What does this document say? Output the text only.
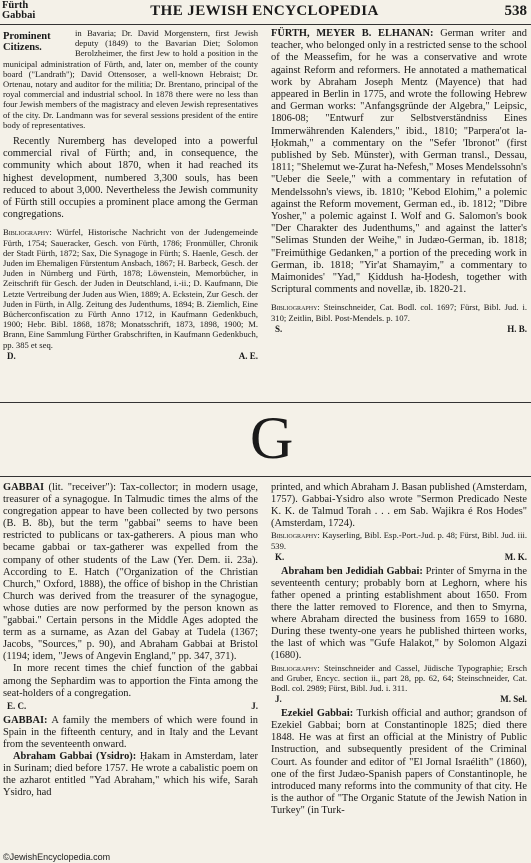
Fürth
Gabbai	THE JEWISH ENCYCLOPEDIA	538
Prominent Citizens.
in Bavaria; Dr. David Morgenstern, first Jewish deputy (1849) to the Bavarian Diet; Solomon Berolzheimer, the first Jew to hold a position in the municipal administration of Fürth, and, later on, member of the county board ("Landrath"); David Ottensoser, a well-known Hebraist; Dr. Ortenau, notary and auditor for the militia; Dr. Brentano, principal of the royal commercial and industrial school. In 1878 there were no less than four Jewish members of the magistracy and eleven Jewish representatives of the city. Dr. Landmann was for several sessions president of the entire body of representatives.

Recently Nuremberg has developed into a powerful commercial rival of Fürth; and, in consequence, the community which about 1870, when it had reached its highest development, numbered 3,300 souls, has been reduced to about 3,000. Nevertheless the Jewish community of Fürth still occupies a prominent place among the German congregations.

Bibliography: Würfel, Historische Nachricht von der Judengemeinde Fürth, 1754; Saueracker, Gesch. von Fürth, 1786; Fronmüller, Chronik der Stadt Fürth, 1872; Sax, Die Synagoge in Fürth; S. Haenle, Gesch. der Juden im Ehemaligen Fürstentum Ansbach, 1867; H. Barbeck, Gesch. der Juden in Nürnberg und Fürth, 1878; Löwenstein, Memorbücher, in Zeitschrift für Gesch. der Juden in Deutschland, i.-ii.; D. Kaufmann, Die Letzte Vertreibung der Juden aus Wien, 1889; A. Eckstein, Zur Gesch. der Juden in Fürth, in Allg. Zeitung des Judenthums, 1894; B. Ziemlich, Eine Bücherconfiscation zu Fürth Anno 1712, in Kaufmann Gedenkbuch, 1900; Hebr. Bibl. 1868, 1878; Monatsschrift, 1873, 1898, 1900; M. Brann, Eine Sammlung Fürther Grabschriften, in Kaufmann Gedenkbuch, pp. 385 et seq.

D.	A. E.

FÜRTH, MEYER B. ELHANAN: German writer and teacher, who belonged only in a restricted sense to the school of the Meassefim, for he was a conservative and wrote against Reform and reformers. He annotated a mathematical work by Abraham Joseph Mentz (Mayence) that had appeared in Berlin in 1775, and wrote the following Hebrew and German works: "Anfangsgründe der Algebra," Leipsic, 1806-08; "Entwurf zur Selbstverständniss Eines Immerwährenden Kalenders," ibid., 1810; "Parpera'ot la-Ḥokmah," a commentary on the "Sefer 'Ibronot" (first published by Seb. Münster), with German transl., Dessau, 1811; "Shelemut we-Ẓurat ha-Nefesh," Moses Mendelssohn's "Ueber die Seele," with a commentary in refutation of Mendelssohn's views, ib. 1810; "Kebod Elohim," a polemic against the Reform movement, German ed., ib. 1812; "Dibre Yosher," a polemic against I. Wolf and G. Salomon's book "Der Charakter des Judenthums," and against the latter's "Selimas Stunden der Weihe," in Judæo-German, ib. 1818; "Freimüthige Gedanken," a portion of the preceding work in German, ib. 1818; "Yir'at Shamayim," a commentary to Maimonides' "Yad," Ḳiddush ha-Ḥodesh, together with Scriptural comments and novellæ, ib. 1820-21.

Bibliography: Steinschneider, Cat. Bodl. col. 1697; Fürst, Bibl. Jud. i. 310; Zeitlin, Bibl. Post-Mendels. p. 107.

S.	H. B.
G

GABBAI (lit. "receiver"): Tax-collector; in modern usage, treasurer of a synagogue. In Talmudic times the alms of the congregation appear to have been collected by two persons (B. B. 8b), but the term "gabbai" seems to have been restricted to publicans or tax-gatherers. A pious man who became gabbai or tax-gatherer was expelled from the company of other students of the Law (Yer. Dem. ii. 23a). According to E. Hatch ("Organization of the Christian Church," Oxford, 1888), the office of bishop in the Christian Church was derived from the treasurer of the synagogue, whose duties are now performed by the person known as "gabbai." Certain persons in the Middle Ages adopted the term as a surname, as Azan del Gabay at Tudela (1367; Jacobs, "Sources," p. 90), and Abraham Gabbai at Bristol (1194; idem, "Jews of Angevin England," pp. 347, 371).

In more recent times the chief function of the gabbai among the Sephardim was to apportion the Finta among the seat-holders of a congregation.

E. C.	J.

GABBAI: A family the members of which were found in Spain in the fifteenth century, and in Italy and the Levant from the seventeenth onward.

Abraham Gabbai (Ysidro): Ḥakam in Amsterdam, later in Surinam; died before 1757. He wrote a cabalistic poem on the azharot entitled "Yad Abraham," which his wife, Sarah Ysidro, had

printed, and which Abraham J. Basan published (Amsterdam, 1757). Gabbai-Ysidro also wrote "Sermon Predicado Neste K. K. de Talmud Torah . . . em Sab. Wajikra é Ros Hodes" (Amsterdam, 1724).

Bibliography: Kayserling, Bibl. Esp.-Port.-Jud. p. 48; Fürst, Bibl. Jud. iii. 539.

K.	M. K.

Abraham ben Jedidiah Gabbai: Printer of Smyrna in the seventeenth century; probably born at Leghorn, where his father opened a printing establishment about 1650. From there the latter removed to Florence, and then to Smyrna, where Abraham directed the business from 1659 to 1680. During these twenty-one years he published thirteen works, the last of which was "Gufe Halakot," by Solomon Algazi (1680).

Bibliography: Steinschneider and Cassel, Jüdische Typographie; Ersch and Gruber, Encyc. section ii., part 28, pp. 62, 64; Steinschneider, Cat. Bodl. col. 2989; Fürst, Bibl. Jud. i. 311.

J.	M. Sel.

Ezekiel Gabbai: Turkish official and author; grandson of Ezekiel Gabbai; born at Constantinople 1825; died there 1848. He was at first an official at the Ministry of Public Instruction, and subsequently president of the Criminal Court. As founder and editor of "El Jornal Israélith" (1860), one of the first Judæo-Spanish papers of Constantinople, he introduced many reforms into the community of that city. He is the author of "The Organic Statute of the Jewish Nation in Turkey" (in Turk-

©JewishEncyclopedia.com
